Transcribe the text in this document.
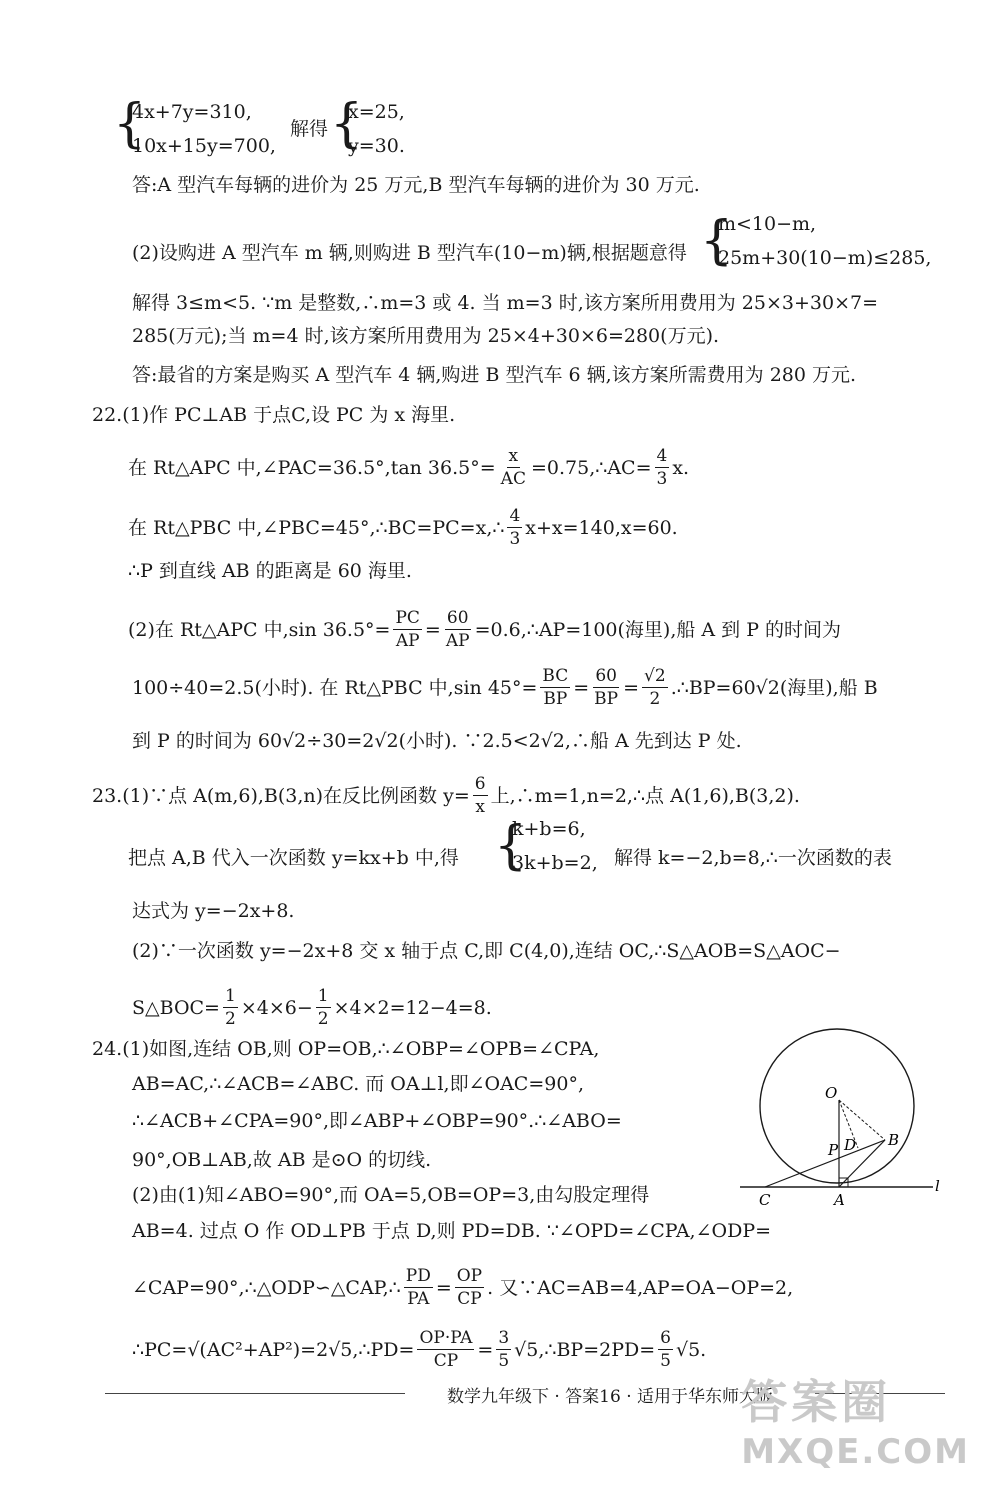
{
4x+7y=310,
10x+15y=700,
解得 {
x=25,
y=30.
答:A 型汽车每辆的进价为 25 万元,B 型汽车每辆的进价为 30 万元.
(2)设购进 A 型汽车 m 辆,则购进 B 型汽车(10−m)辆,根据题意得 {
m<10−m,
25m+30(10−m)≤285,
解得 3≤m<5. ∵m 是整数,∴m=3 或 4. 当 m=3 时,该方案所用费用为 25×3+30×7=
285(万元);当 m=4 时,该方案所用费用为 25×4+30×6=280(万元).
答:最省的方案是购买 A 型汽车 4 辆,购进 B 型汽车 6 辆,该方案所需费用为 280 万元.
22.(1)作 PC⊥AB 于点C,设 PC 为 x 海里.
在 Rt△APC 中,∠PAC=36.5°,tan $36.5^\circ= \frac{x}{AC}$ =0.75,∴AC= $\frac{4}{3} x$.
在 Rt△PBC 中,∠PBC=45°,∴BC=PC=x,∴ $\frac{4}{3} x+x=140,x=60$.
∴P 到直线 AB 的距离是 60 海里.
(2)在 Rt△APC 中,sin $36.5^\circ= \frac{PC}{AP} = \frac{60}{AP}$ =0.6,∴AP=100(海里),船 A 到 P 的时间为
100÷40=2.5(小时). 在 Rt△PBC 中,sin $45^\circ= \frac{BC}{BP} = \frac{60}{BP} = \frac{√2}{2}$ .∴BP=60√2(海里),船 B
到 P 的时间为 60√2÷30=2√2(小时). ∵2.5<2√2,∴船 A 先到达 P 处.
23.(1)∵点 A(m,6),B(3,n)在反比例函数 $y= \frac{6}{x}$ 上,∴m=1,n=2,∴点 A(1,6),B(3,2).
把点 A,B 代入一次函数 y=kx+b 中,得 {
k+b=6,
3k+b=2, 解得 k=−2,b=8,∴一次函数的表
达式为 y=−2x+8.
(2)∵一次函数 y=−2x+8 交 x 轴于点 C,即 C(4,0),连结 OC,∴S△AOB=S△AOC−
S△BOC= $\frac{1}{2} \times 4\times 6- \frac{1}{2} \times 4\times 2=12-4=8$.
24.(1)如图,连结 OB,则 OP=OB,∴∠OBP=∠OPB=∠CPA,
AB=AC,∴∠ACB=∠ABC. 而 OA⊥l,即∠OAC=90°,
∴∠ACB+∠CPA=90°,即∠ABP+∠OBP=90°.∴∠ABO=
90°,OB⊥AB,故 AB 是⊙O 的切线.
(2)由(1)知∠ABO=90°,而 OA=5,OB=OP=3,由勾股定理得
AB=4. 过点 O 作 OD⊥PB 于点 D,则 PD=DB. ∵∠OPD=∠CPA,∠ODP=
∠CAP=90°,∴△ODP∽△CAP,∴ $\frac{PD}{PA} = \frac{OP}{CP}$ . 又∵AC=AB=4,AP=OA−OP=2,
∴PC=√(AC²+AP²)=2√5,∴PD= $\frac{OP\cdot PA}{CP} = \frac{3}{5}$ √5,∴BP=2PD= $\frac{6}{5} √5$.
O
P D B
C	A
l
数学九年级下 · 答案16 · 适用于华东师大版
答案圈
MXQE.COM
